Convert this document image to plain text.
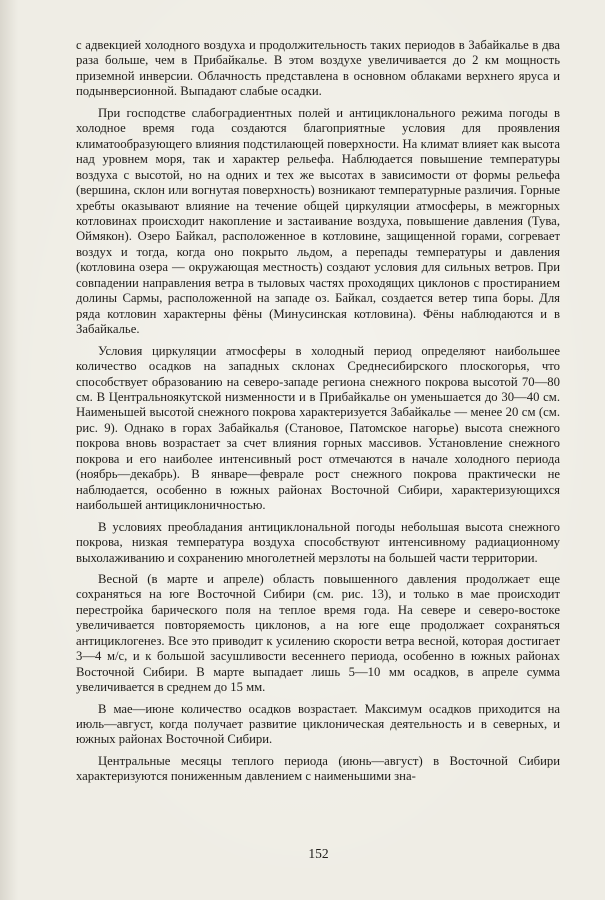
с адвекцией холодного воздуха и продолжительность таких периодов в Забайкалье в два раза больше, чем в Прибайкалье. В этом воздухе увеличивается до 2 км мощность приземной инверсии. Облачность представлена в основном облаками верхнего яруса и подынверсионной. Выпадают слабые осадки.

При господстве слабоградиентных полей и антициклонального режима погоды в холодное время года создаются благоприятные условия для проявления климатообразующего влияния подстилающей поверхности. На климат влияет как высота над уровнем моря, так и характер рельефа. Наблюдается повышение температуры воздуха с высотой, но на одних и тех же высотах в зависимости от формы рельефа (вершина, склон или вогнутая поверхность) возникают температурные различия. Горные хребты оказывают влияние на течение общей циркуляции атмосферы, в межгорных котловинах происходит накопление и застаивание воздуха, повышение давления (Тува, Оймякон). Озеро Байкал, расположенное в котловине, защищенной горами, согревает воздух и тогда, когда оно покрыто льдом, а перепады температуры и давления (котловина озера — окружающая местность) создают условия для сильных ветров. При совпадении направления ветра в тыловых частях проходящих циклонов с простиранием долины Сармы, расположенной на западе оз. Байкал, создается ветер типа боры. Для ряда котловин характерны фёны (Минусинская котловина). Фёны наблюдаются и в Забайкалье.

Условия циркуляции атмосферы в холодный период определяют наибольшее количество осадков на западных склонах Среднесибирского плоскогорья, что способствует образованию на северо-западе региона снежного покрова высотой 70—80 см. В Центральноякутской низменности и в Прибайкалье он уменьшается до 30—40 см. Наименьшей высотой снежного покрова характеризуется Забайкалье — менее 20 см (см. рис. 9). Однако в горах Забайкалья (Становое, Патомское нагорье) высота снежного покрова вновь возрастает за счет влияния горных массивов. Установление снежного покрова и его наиболее интенсивный рост отмечаются в начале холодного периода (ноябрь—декабрь). В январе—феврале рост снежного покрова практически не наблюдается, особенно в южных районах Восточной Сибири, характеризующихся наибольшей антициклоничностью.

В условиях преобладания антициклональной погоды небольшая высота снежного покрова, низкая температура воздуха способствуют интенсивному радиационному выхолаживанию и сохранению многолетней мерзлоты на большей части территории.

Весной (в марте и апреле) область повышенного давления продолжает еще сохраняться на юге Восточной Сибири (см. рис. 13), и только в мае происходит перестройка барического поля на теплое время года. На севере и северо-востоке увеличивается повторяемость циклонов, а на юге еще продолжает сохраняться антициклогенез. Все это приводит к усилению скорости ветра весной, которая достигает 3—4 м/с, и к большой засушливости весеннего периода, особенно в южных районах Восточной Сибири. В марте выпадает лишь 5—10 мм осадков, в апреле сумма увеличивается в среднем до 15 мм.

В мае—июне количество осадков возрастает. Максимум осадков приходится на июль—август, когда получает развитие циклоническая деятельность и в северных, и южных районах Восточной Сибири.

Центральные месяцы теплого периода (июнь—август) в Восточной Сибири характеризуются пониженным давлением с наименьшими зна-

152
